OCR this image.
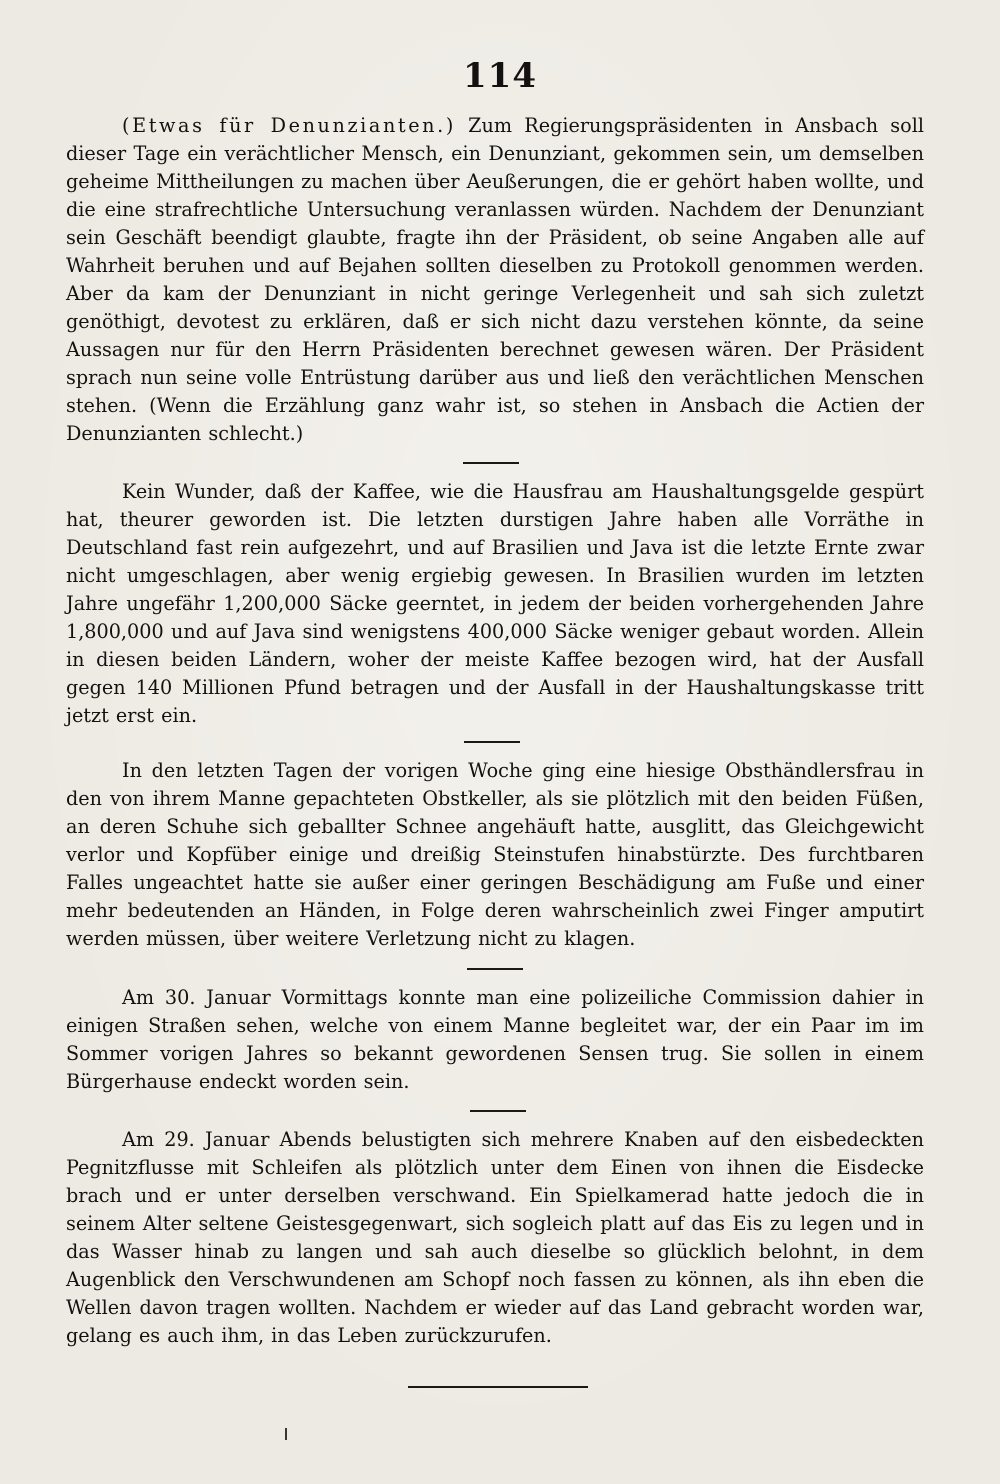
114

(Etwas für Denunzianten.) Zum Regierungspräsidenten in Ansbach soll dieser Tage ein verächtlicher Mensch, ein Denunziant, gekommen sein, um demselben geheime Mittheilungen zu machen über Aeußerungen, die er gehört haben wollte, und die eine strafrechtliche Untersuchung veranlassen würden. Nachdem der Denunziant sein Geschäft beendigt glaubte, fragte ihn der Präsident, ob seine Angaben alle auf Wahrheit beruhen und auf Bejahen sollten dieselben zu Protokoll genommen werden. Aber da kam der Denunziant in nicht geringe Verlegenheit und sah sich zuletzt genöthigt, devotest zu erklären, daß er sich nicht dazu verstehen könnte, da seine Aussagen nur für den Herrn Präsidenten berechnet gewesen wären. Der Präsident sprach nun seine volle Entrüstung darüber aus und ließ den verächtlichen Menschen stehen. (Wenn die Erzählung ganz wahr ist, so stehen in Ansbach die Actien der Denunzianten schlecht.)

Kein Wunder, daß der Kaffee, wie die Hausfrau am Haushaltungsgelde gespürt hat, theurer geworden ist. Die letzten durstigen Jahre haben alle Vorräthe in Deutschland fast rein aufgezehrt, und auf Brasilien und Java ist die letzte Ernte zwar nicht umgeschlagen, aber wenig ergiebig gewesen. In Brasilien wurden im letzten Jahre ungefähr 1,200,000 Säcke geerntet, in jedem der beiden vorhergehenden Jahre 1,800,000 und auf Java sind wenigstens 400,000 Säcke weniger gebaut worden. Allein in diesen beiden Ländern, woher der meiste Kaffee bezogen wird, hat der Ausfall gegen 140 Millionen Pfund betragen und der Ausfall in der Haushaltungskasse tritt jetzt erst ein.

In den letzten Tagen der vorigen Woche ging eine hiesige Obsthändlersfrau in den von ihrem Manne gepachteten Obstkeller, als sie plötzlich mit den beiden Füßen, an deren Schuhe sich geballter Schnee angehäuft hatte, ausglitt, das Gleichgewicht verlor und Kopfüber einige und dreißig Steinstufen hinabstürzte. Des furchtbaren Falles ungeachtet hatte sie außer einer geringen Beschädigung am Fuße und einer mehr bedeutenden an Händen, in Folge deren wahrscheinlich zwei Finger amputirt werden müssen, über weitere Verletzung nicht zu klagen.

Am 30. Januar Vormittags konnte man eine polizeiliche Commission dahier in einigen Straßen sehen, welche von einem Manne begleitet war, der ein Paar im im Sommer vorigen Jahres so bekannt gewordenen Sensen trug. Sie sollen in einem Bürgerhause endeckt worden sein.

Am 29. Januar Abends belustigten sich mehrere Knaben auf den eisbedeckten Pegnitzflusse mit Schleifen als plötzlich unter dem Einen von ihnen die Eisdecke brach und er unter derselben verschwand. Ein Spielkamerad hatte jedoch die in seinem Alter seltene Geistesgegenwart, sich sogleich platt auf das Eis zu legen und in das Wasser hinab zu langen und sah auch dieselbe so glücklich belohnt, in dem Augenblick den Verschwundenen am Schopf noch fassen zu können, als ihn eben die Wellen davon tragen wollten. Nachdem er wieder auf das Land gebracht worden war, gelang es auch ihm, in das Leben zurückzurufen.
